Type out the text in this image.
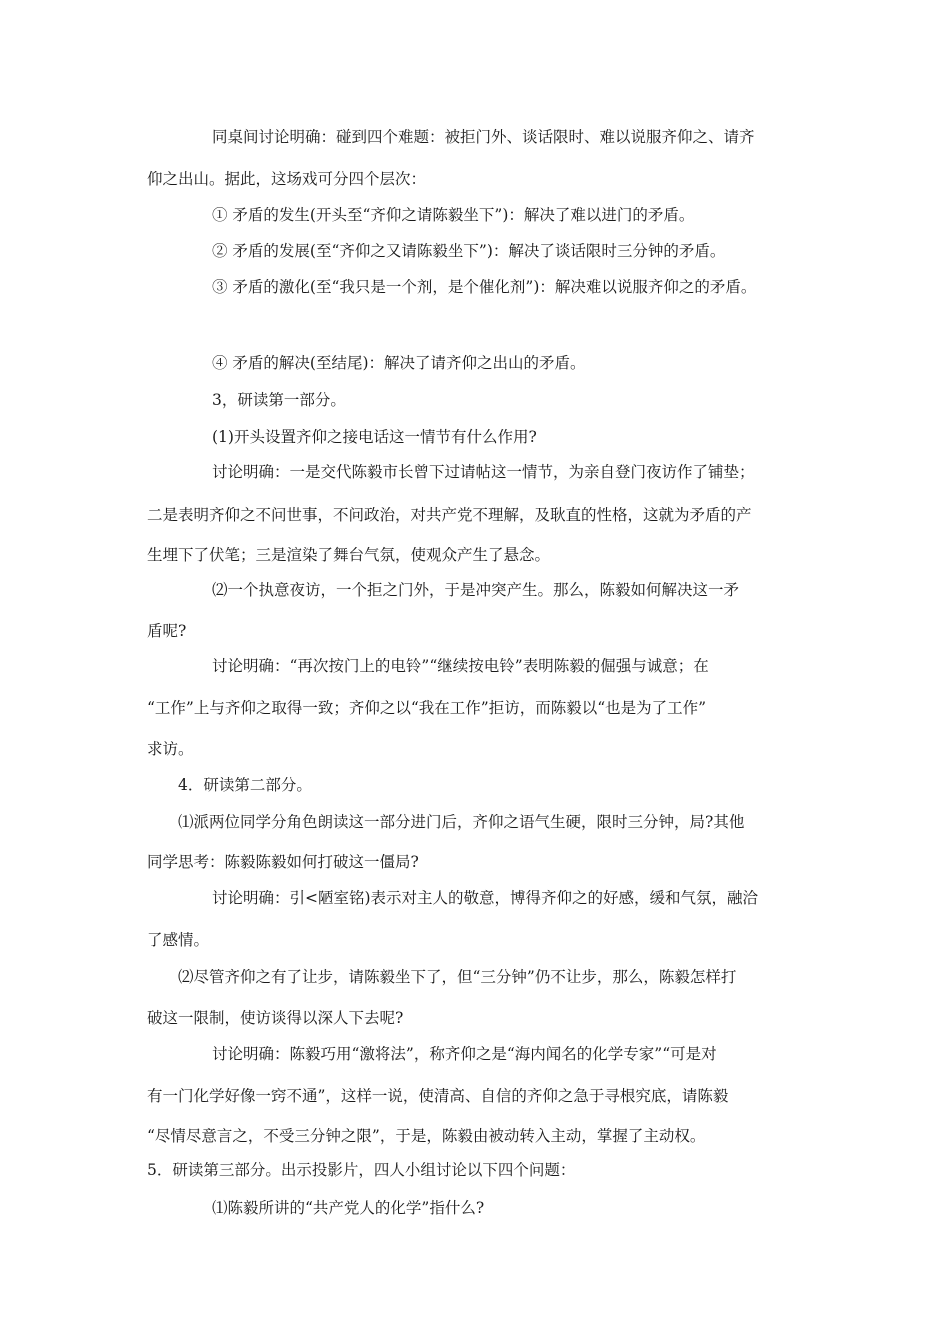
同桌间讨论明确：碰到四个难题：被拒门外、谈话限时、难以说服齐仰之、请齐
仰之出山。据此，这场戏可分四个层次：
① 矛盾的发生(开头至“齐仰之请陈毅坐下”)：解决了难以进门的矛盾。
② 矛盾的发展(至“齐仰之又请陈毅坐下”)：解决了谈话限时三分钟的矛盾。
③ 矛盾的激化(至“我只是一个剂，是个催化剂”)：解决难以说服齐仰之的矛盾。
④ 矛盾的解决(至结尾)：解决了请齐仰之出山的矛盾。
3，研读第一部分。
(1)开头设置齐仰之接电话这一情节有什么作用?
讨论明确：一是交代陈毅市长曾下过请帖这一情节，为亲自登门夜访作了铺垫；
二是表明齐仰之不问世事，不问政治，对共产党不理解，及耿直的性格，这就为矛盾的产
生埋下了伏笔；三是渲染了舞台气氛，使观众产生了悬念。
⑵一个执意夜访，一个拒之门外，于是冲突产生。那么，陈毅如何解决这一矛
盾呢?
讨论明确：“再次按门上的电铃”“继续按电铃”表明陈毅的倔强与诚意；在
“工作”上与齐仰之取得一致；齐仰之以“我在工作”拒访，而陈毅以“也是为了工作”
求访。
4．研读第二部分。
⑴派两位同学分角色朗读这一部分进门后，齐仰之语气生硬，限时三分钟，局?其他
同学思考：陈毅陈毅如何打破这一僵局?
讨论明确：引<陋室铭)表示对主人的敬意，博得齐仰之的好感，缓和气氛，融洽
了感情。
⑵尽管齐仰之有了让步，请陈毅坐下了，但“三分钟”仍不让步，那么，陈毅怎样打
破这一限制，使访谈得以深人下去呢?
讨论明确：陈毅巧用“激将法”，称齐仰之是“海内闻名的化学专家”“可是对
有一门化学好像一窍不通”，这样一说，使清高、自信的齐仰之急于寻根究底，请陈毅
“尽情尽意言之，不受三分钟之限”，于是，陈毅由被动转入主动，掌握了主动权。
5．研读第三部分。出示投影片，四人小组讨论以下四个问题：
⑴陈毅所讲的“共产党人的化学”指什么?
